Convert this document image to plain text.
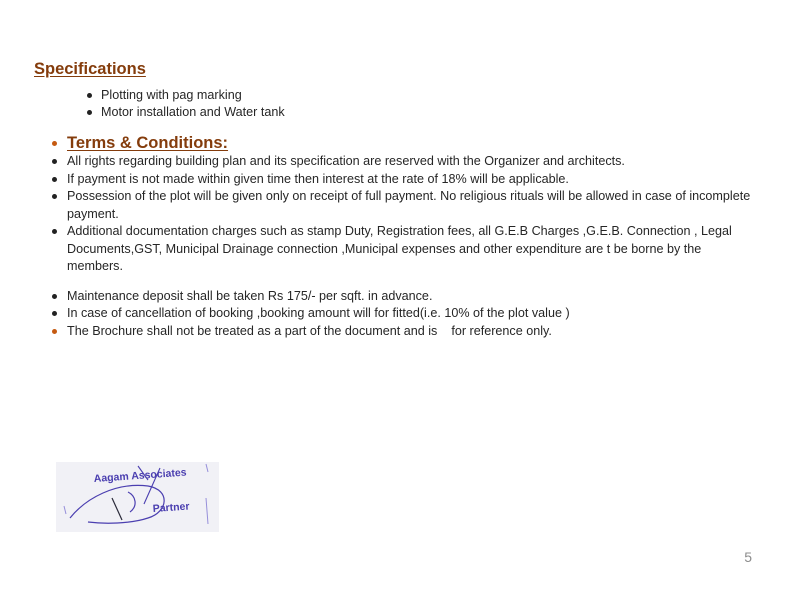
Specifications
Plotting with pag marking
Motor installation and Water tank
Terms & Conditions:
All rights regarding building plan and its specification are reserved with the Organizer and architects.
If payment is not made within given time then interest at the rate of 18% will be applicable.
Possession of the plot will be given only on receipt of full payment. No religious rituals will be allowed in case of incomplete payment.
Additional documentation charges such as stamp Duty, Registration fees, all G.E.B Charges ,G.E.B. Connection , Legal Documents,GST, Municipal Drainage connection ,Municipal expenses and other expenditure are t be borne by the members.
Maintenance deposit shall be taken Rs 175/- per sqft. in advance.
In case of cancellation of booking ,booking amount will for fitted(i.e. 10% of the plot value )
The Brochure shall not be treated as a part of the document and is    for reference only.
Aagam Associates
Partner
5
